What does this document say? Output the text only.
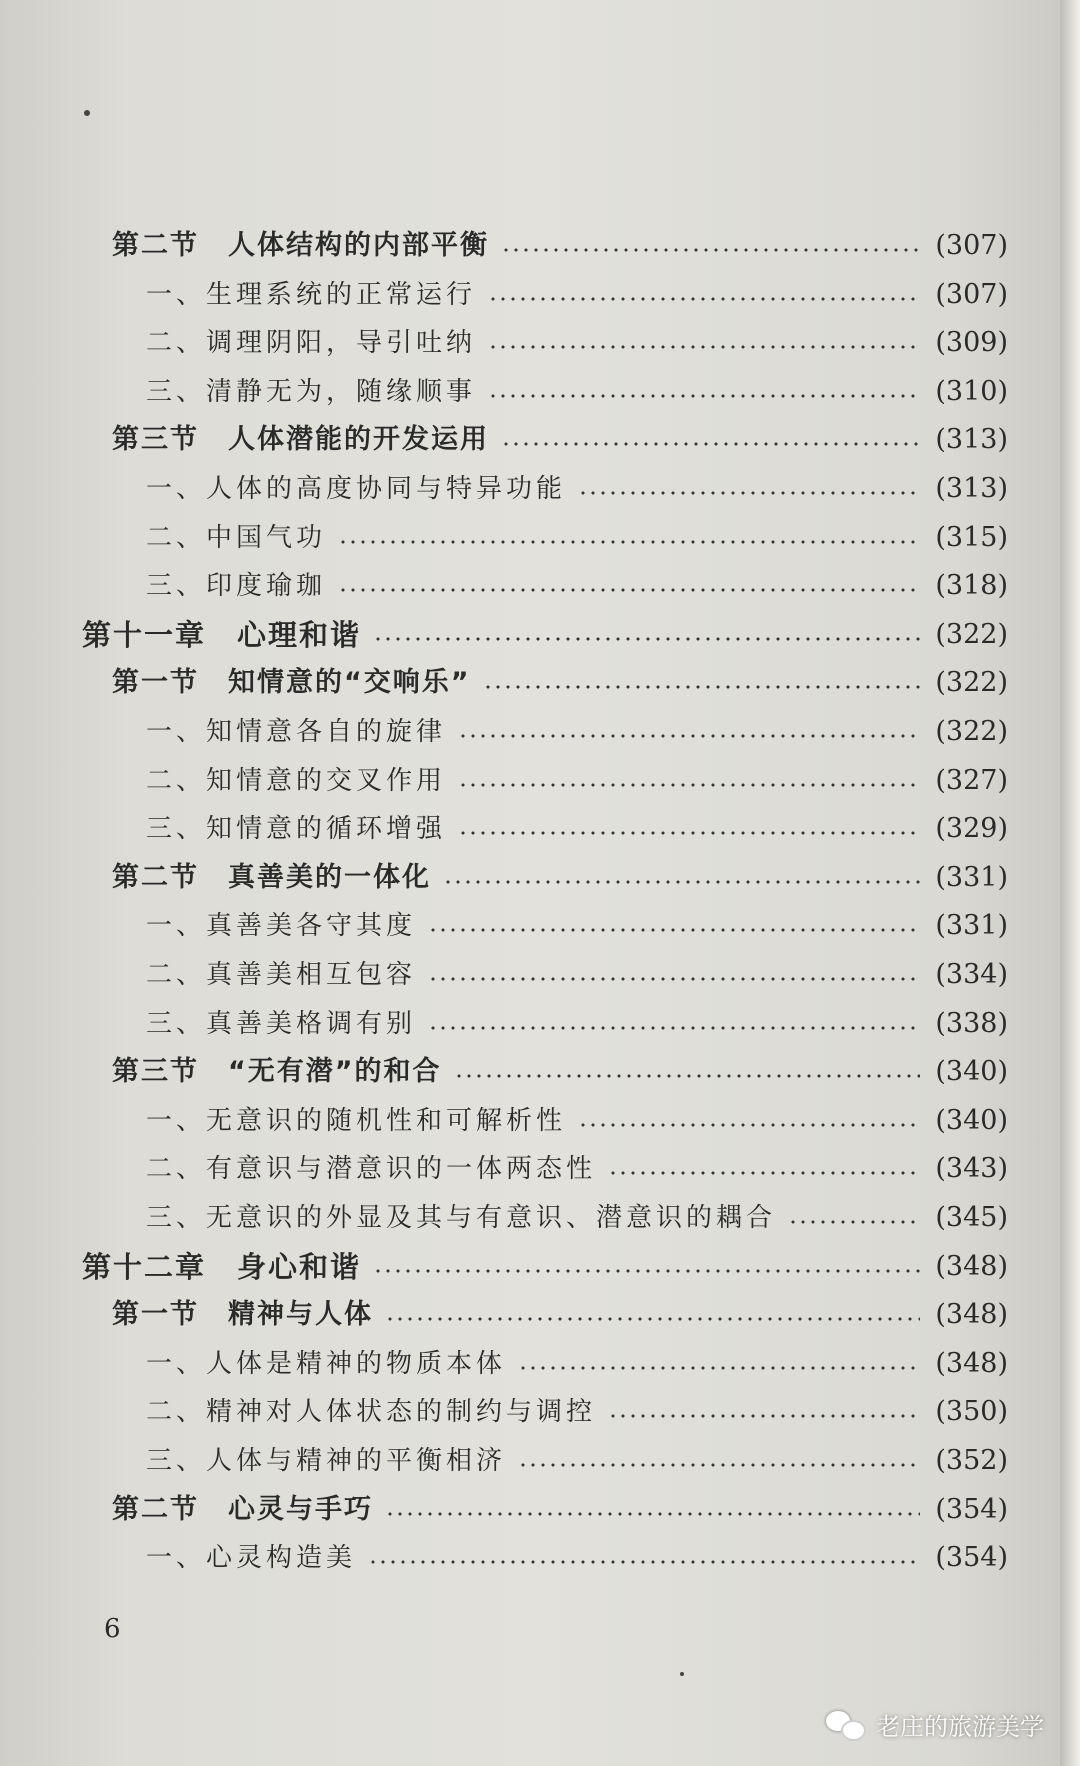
第二节　人体结构的内部平衡	(307)
一、生理系统的正常运行	(307)
二、调理阴阳，导引吐纳	(309)
三、清静无为，随缘顺事	(310)
第三节　人体潜能的开发运用	(313)
一、人体的高度协同与特异功能	(313)
二、中国气功	(315)
三、印度瑜珈	(318)
第十一章　心理和谐	(322)
第一节　知情意的“交响乐”	(322)
一、知情意各自的旋律	(322)
二、知情意的交叉作用	(327)
三、知情意的循环增强	(329)
第二节　真善美的一体化	(331)
一、真善美各守其度	(331)
二、真善美相互包容	(334)
三、真善美格调有别	(338)
第三节　“无有潜”的和合	(340)
一、无意识的随机性和可解析性	(340)
二、有意识与潜意识的一体两态性	(343)
三、无意识的外显及其与有意识、潜意识的耦合	(345)
第十二章　身心和谐	(348)
第一节　精神与人体	(348)
一、人体是精神的物质本体	(348)
二、精神对人体状态的制约与调控	(350)
三、人体与精神的平衡相济	(352)
第二节　心灵与手巧	(354)
一、心灵构造美	(354)
6
老庄的旅游美学
